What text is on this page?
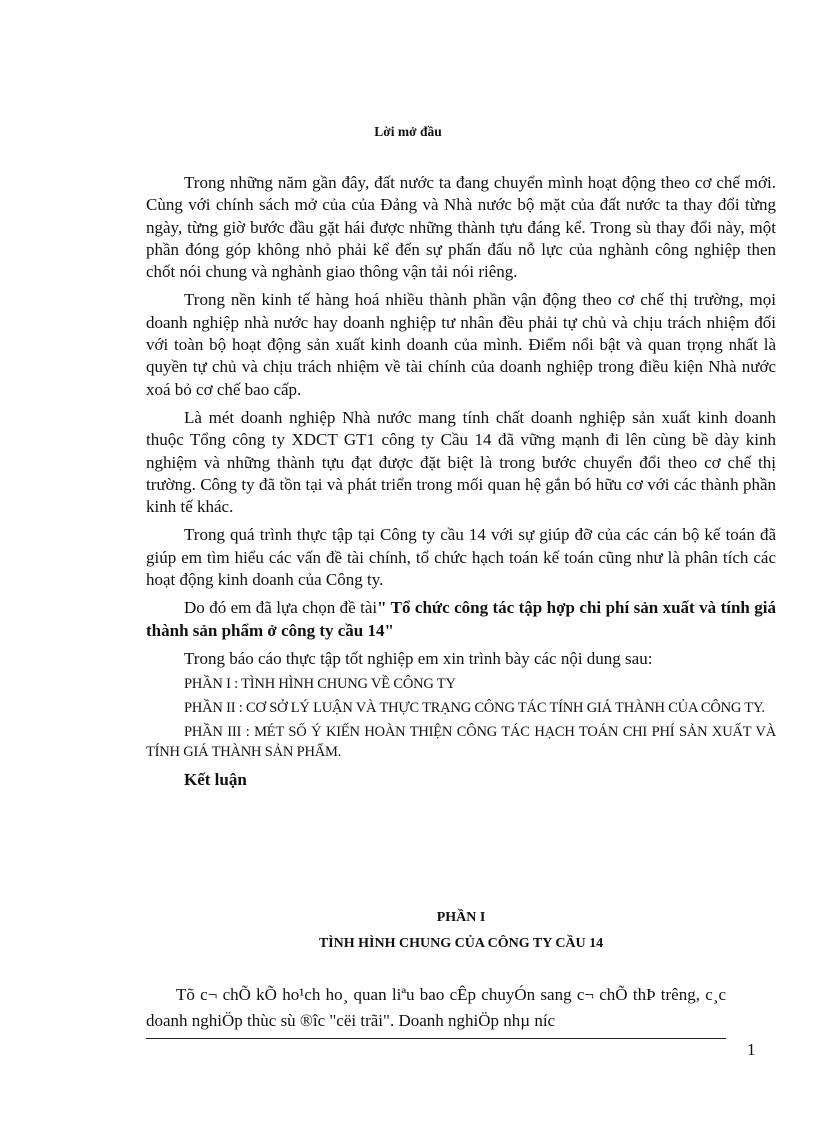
Lời mở đầu

Trong những năm gần đây, đất nước ta đang chuyển mình hoạt động theo cơ chế mới. Cùng với chính sách mở của của Đảng và Nhà nước bộ mặt của đất nước ta thay đổi từng ngày, từng giờ bước đầu gặt hái được những thành tựu đáng kể. Trong sù thay đổi này, một phần đóng góp không nhỏ phải kể đến sự phấn đấu nỗ lực của nghành công nghiệp then chốt nói chung và nghành giao thông vận tải nói riêng.

Trong nền kinh tế hàng hoá nhiều thành phần vận động theo cơ chế thị trường, mọi doanh nghiệp nhà nước hay doanh nghiệp tư nhân đều phải tự chủ và chịu trách nhiệm đối với toàn bộ hoạt động sản xuất kinh doanh của mình. Điểm nổi bật và quan trọng nhất là quyền tự chủ và chịu trách nhiệm về tài chính của doanh nghiệp trong điều kiện Nhà nước xoá bỏ cơ chế bao cấp.

Là mét doanh nghiệp Nhà nước mang tính chất doanh nghiệp sản xuất kinh doanh thuộc Tổng công ty XDCT GT1 công ty Cầu 14 đã vững mạnh đi lên cùng bề dày kinh nghiệm và những thành tựu đạt được đặt biệt là trong bước chuyển đổi theo cơ chế thị trường. Công ty đã tồn tại và phát triển trong mối quan hệ gắn bó hữu cơ với các thành phần kinh tế khác.

Trong quá trình thực tập tại Công ty cầu 14 với sự giúp đỡ của các cán bộ kế toán đã giúp em tìm hiểu các vấn đề tài chính, tổ chức hạch toán kế toán cũng như là phân tích các hoạt động kinh doanh của Công ty.

Do đó em đã lựa chọn đề tài" Tổ chức công tác tập hợp chi phí sản xuất và tính giá thành sản phẩm ở công ty cầu 14"

Trong báo cáo thực tập tốt nghiệp em xin trình bày các nội dung sau:

PHẦN I : TÌNH HÌNH CHUNG VỀ CÔNG TY

PHẦN II : CƠ SỞ LÝ LUẬN VÀ THỰC TRẠNG CÔNG TÁC TÍNH GIÁ THÀNH CỦA CÔNG TY.

PHẦN III : MÉT SỐ Ý KIẾN HOÀN THIỆN CÔNG TÁC HẠCH TOÁN CHI PHÍ SẢN XUẤT VÀ TÍNH GIÁ THÀNH SẢN PHẨM.

Kết luận
PHẦN I
TÌNH HÌNH CHUNG CỦA CÔNG TY CẦU 14

Tõ c¬ chÕ kÕ ho¹ch ho¸ quan liªu bao cÊp chuyÓn sang c¬ chÕ thÞ trêng, c¸c doanh nghiÖp thùc sù ®îc "cëi trãi". Doanh nghiÖp nhµ níc

1
